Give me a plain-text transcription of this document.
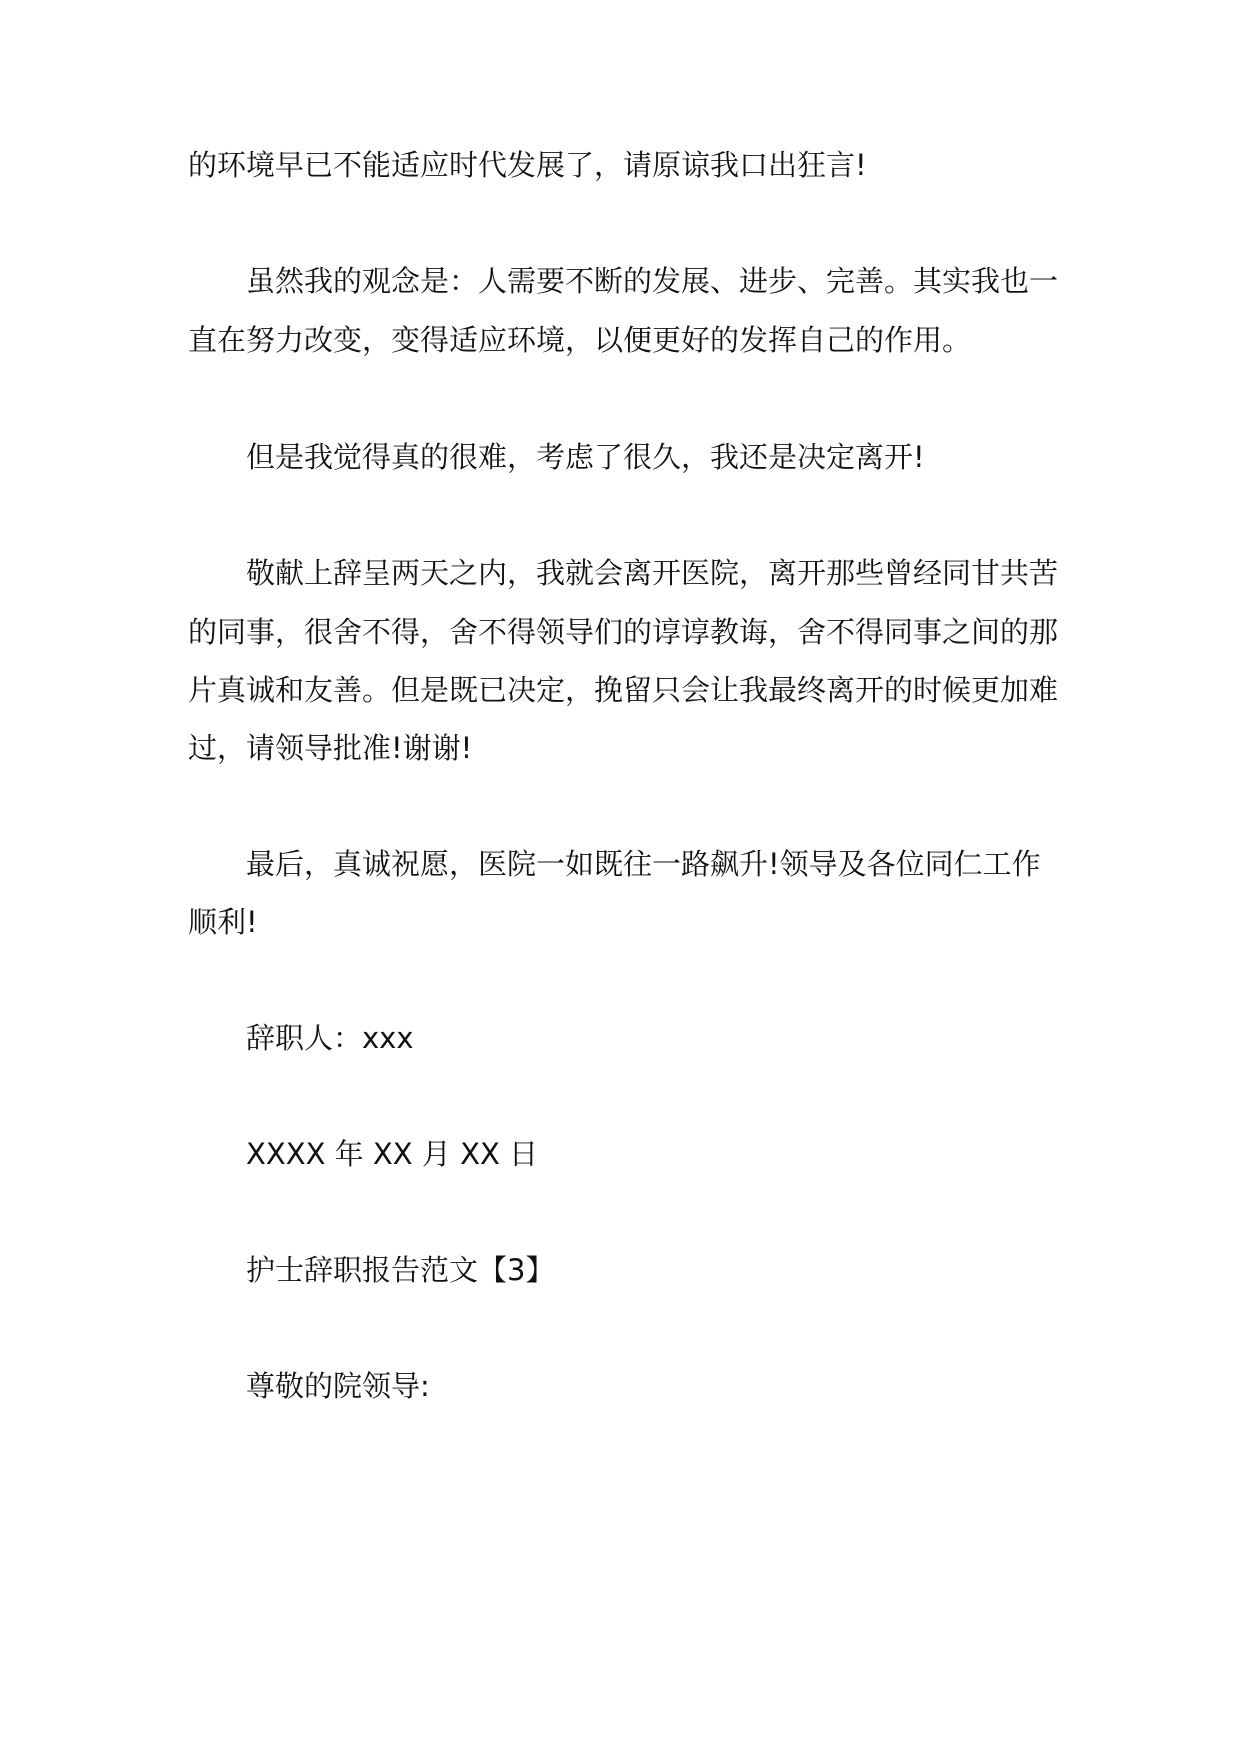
的环境早已不能适应时代发展了，请原谅我口出狂言!
虽然我的观念是：人需要不断的发展、进步、完善。其实我也一
直在努力改变，变得适应环境，以便更好的发挥自己的作用。
但是我觉得真的很难，考虑了很久，我还是决定离开!
敬献上辞呈两天之内，我就会离开医院，离开那些曾经同甘共苦
的同事，很舍不得，舍不得领导们的谆谆教诲，舍不得同事之间的那
片真诚和友善。但是既已决定，挽留只会让我最终离开的时候更加难
过，请领导批准!谢谢!
最后，真诚祝愿，医院一如既往一路飙升!领导及各位同仁工作
顺利!
辞职人：xxx
XXXX 年 XX 月 XX 日
护士辞职报告范文【3】
尊敬的院领导:
